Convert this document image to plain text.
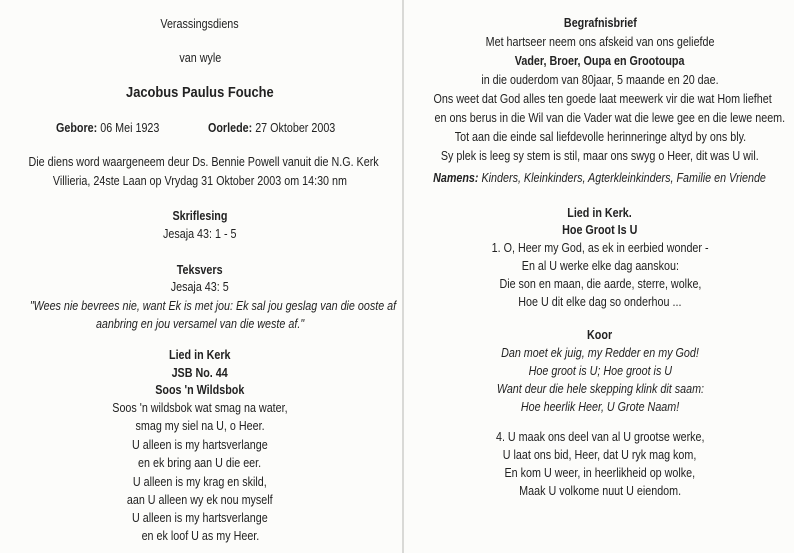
Verassingsdiens
van wyle
Jacobus Paulus Fouche
Gebore: 06 Mei 1923	Oorlede: 27 Oktober 2003
Die diens word waargeneem deur Ds. Bennie Powell vanuit die N.G. Kerk
Villieria, 24ste Laan op Vrydag 31 Oktober 2003 om 14:30 nm
Skriflesing
Jesaja 43: 1 - 5
Teksvers
Jesaja 43: 5
"Wees nie bevrees nie, want Ek is met jou: Ek sal jou geslag van die ooste af
aanbring en jou versamel van die weste af."
Lied in Kerk
JSB No. 44
Soos 'n Wildsbok
Soos 'n wildsbok wat smag na water,
smag my siel na U, o Heer.
U alleen is my hartsverlange
en ek bring aan U die eer.
U alleen is my krag en skild,
aan U alleen wy ek nou myself
U alleen is my hartsverlange
en ek loof U as my Heer.
Begrafnisbrief
Met hartseer neem ons afskeid van ons geliefde
Vader, Broer, Oupa en Grootoupa
in die ouderdom van 80jaar, 5 maande en 20 dae.
Ons weet dat God alles ten goede laat meewerk vir die wat Hom liefhet
en ons berus in die Wil van die Vader wat die lewe gee en die lewe neem.
Tot aan die einde sal liefdevolle herinneringe altyd by ons bly.
Sy plek is leeg sy stem is stil, maar ons swyg o Heer, dit was U wil.
Namens: Kinders, Kleinkinders, Agterkleinkinders, Familie en Vriende
Lied in Kerk.
Hoe Groot Is U
1. O, Heer my God, as ek in eerbied wonder -
En al U werke elke dag aanskou:
Die son en maan, die aarde, sterre, wolke,
Hoe U dit elke dag so onderhou ...
Koor
Dan moet ek juig, my Redder en my God!
Hoe groot is U; Hoe groot is U
Want deur die hele skepping klink dit saam:
Hoe heerlik Heer, U Grote Naam!
4. U maak ons deel van al U grootse werke,
U laat ons bid, Heer, dat U ryk mag kom,
En kom U weer, in heerlikheid op wolke,
Maak U volkome nuut U eiendom.
